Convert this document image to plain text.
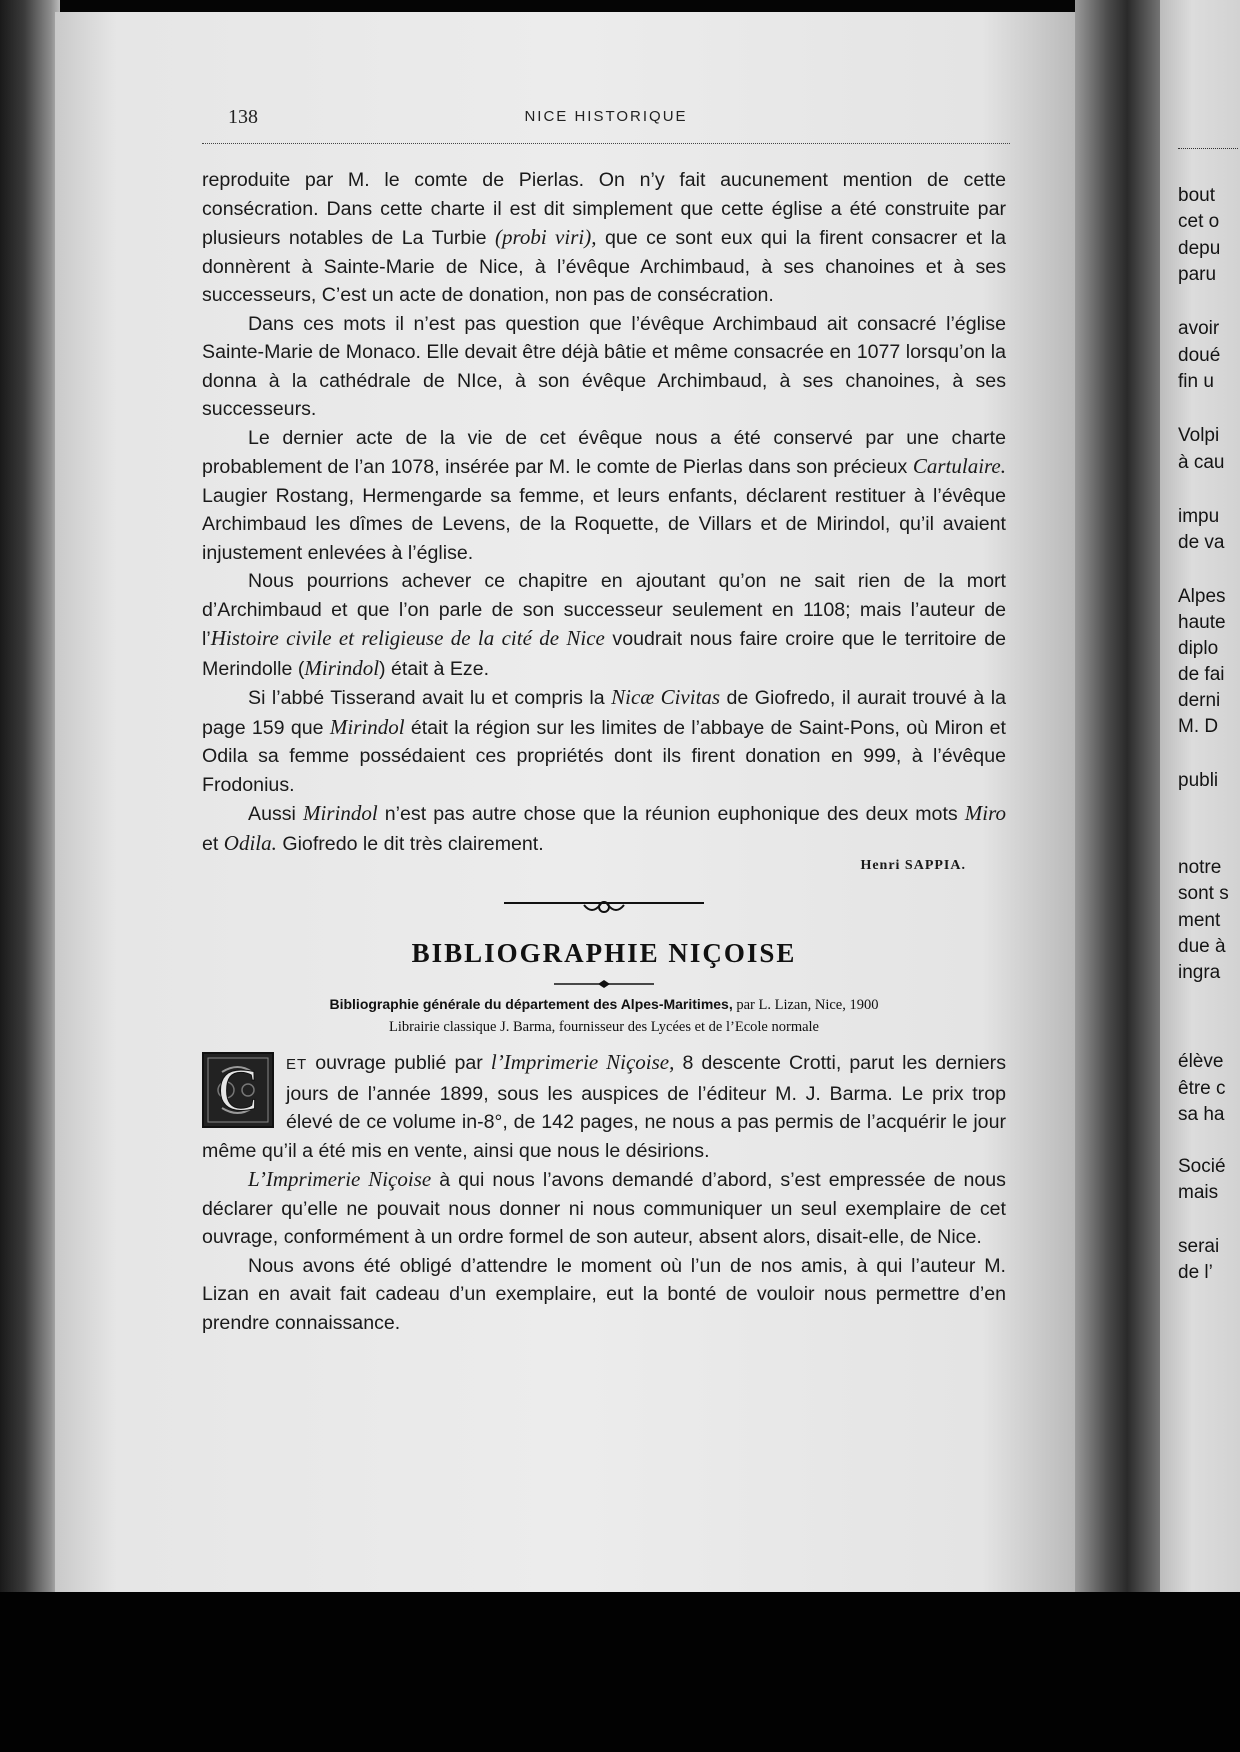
bout
cet o
depu
paru
avoir
doué
fin u
Volpi
à cau
impu
de va
Alpes
haute
diplo
de fai
derni
M. D
publi
notre
sont s
ment
due à
ingra
élève
être c
sa ha
Socié
mais
serai
de l’
138	NICE HISTORIQUE

reproduite par M. le comte de Pierlas. On n’y fait aucunement mention de cette consécration. Dans cette charte il est dit simplement que cette église a été construite par plusieurs notables de La Turbie (probi viri), que ce sont eux qui la firent consacrer et la donnèrent à Sainte-Marie de Nice, à l’évêque Archimbaud, à ses chanoines et à ses successeurs, C’est un acte de donation, non pas de consécration.

Dans ces mots il n’est pas question que l’évêque Archimbaud ait consacré l’église Sainte-Marie de Monaco. Elle devait être déjà bâtie et même consacrée en 1077 lorsqu’on la donna à la cathédrale de NIce, à son évêque Archimbaud, à ses chanoines, à ses successeurs.

Le dernier acte de la vie de cet évêque nous a été conservé par une charte probablement de l’an 1078, insérée par M. le comte de Pierlas dans son précieux Cartulaire. Laugier Rostang, Hermengarde sa femme, et leurs enfants, déclarent restituer à l’évêque Archimbaud les dîmes de Levens, de la Roquette, de Villars et de Mirindol, qu’il avaient injustement enlevées à l’église.

Nous pourrions achever ce chapitre en ajoutant qu’on ne sait rien de la mort d’Archimbaud et que l’on parle de son successeur seulement en 1108; mais l’auteur de l’Histoire civile et religieuse de la cité de Nice voudrait nous faire croire que le territoire de Merindolle (Mirindol) était à Eze.

Si l’abbé Tisserand avait lu et compris la Nicæ Civitas de Giofredo, il aurait trouvé à la page 159 que Mirindol était la région sur les limites de l’abbaye de Saint-Pons, où Miron et Odila sa femme possédaient ces propriétés dont ils firent donation en 999, à l’évêque Frodonius.

Aussi Mirindol n’est pas autre chose que la réunion euphonique des deux mots Miro et Odila. Giofredo le dit très clairement.

Henri SAPPIA.
BIBLIOGRAPHIE NIÇOISE
Bibliographie générale du département des Alpes-Maritimes, par L. Lizan, Nice, 1900
Librairie classique J. Barma, fournisseur des Lycées et de l’Ecole normale
C	ET ouvrage publié par l’Imprimerie Niçoise, 8 descente Crotti, parut les derniers jours de l’année 1899, sous les auspices de l’éditeur M. J. Barma. Le prix trop élevé de ce volume in-8°, de 142 pages, ne nous a pas permis de l’acquérir le jour même qu’il a été mis en vente, ainsi que nous le désirions.

L’Imprimerie Niçoise à qui nous l’avons demandé d’abord, s’est empressée de nous déclarer qu’elle ne pouvait nous donner ni nous communiquer un seul exemplaire de cet ouvrage, conformément à un ordre formel de son auteur, absent alors, disait-elle, de Nice.

Nous avons été obligé d’attendre le moment où l’un de nos amis, à qui l’auteur M. Lizan en avait fait cadeau d’un exemplaire, eut la bonté de vouloir nous permettre d’en prendre connaissance.
